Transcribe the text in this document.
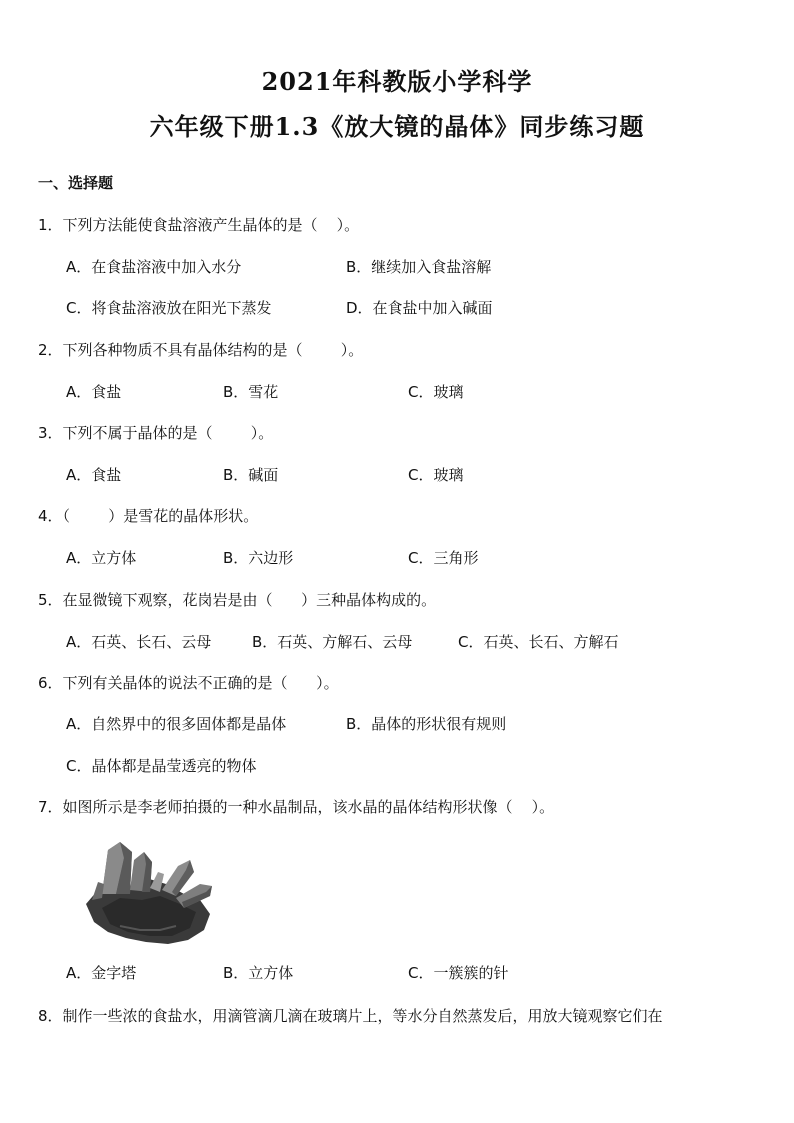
2021年科教版小学科学
六年级下册1.3《放大镜的晶体》同步练习题
一、选择题
1．下列方法能使食盐溶液产生晶体的是（    ）。
A．在食盐溶液中加入水分	B．继续加入食盐溶解
C．将食盐溶液放在阳光下蒸发	D．在食盐中加入碱面
2．下列各种物质不具有晶体结构的是（        ）。
A．食盐	B．雪花	C．玻璃
3．下列不属于晶体的是（        ）。
A．食盐	B．碱面	C．玻璃
4．（        ）是雪花的晶体形状。
A．立方体	B．六边形	C．三角形
5．在显微镜下观察，花岗岩是由（      ）三种晶体构成的。
A．石英、长石、云母	B．石英、方解石、云母	C．石英、长石、方解石
6．下列有关晶体的说法不正确的是（      ）。
A．自然界中的很多固体都是晶体	B．晶体的形状很有规则
C．晶体都是晶莹透亮的物体
7．如图所示是李老师拍摄的一种水晶制品，该水晶的晶体结构形状像（    ）。
A．金字塔	B．立方体	C．一簇簇的针
8．制作一些浓的食盐水，用滴管滴几滴在玻璃片上，等水分自然蒸发后，用放大镜观察它们在
